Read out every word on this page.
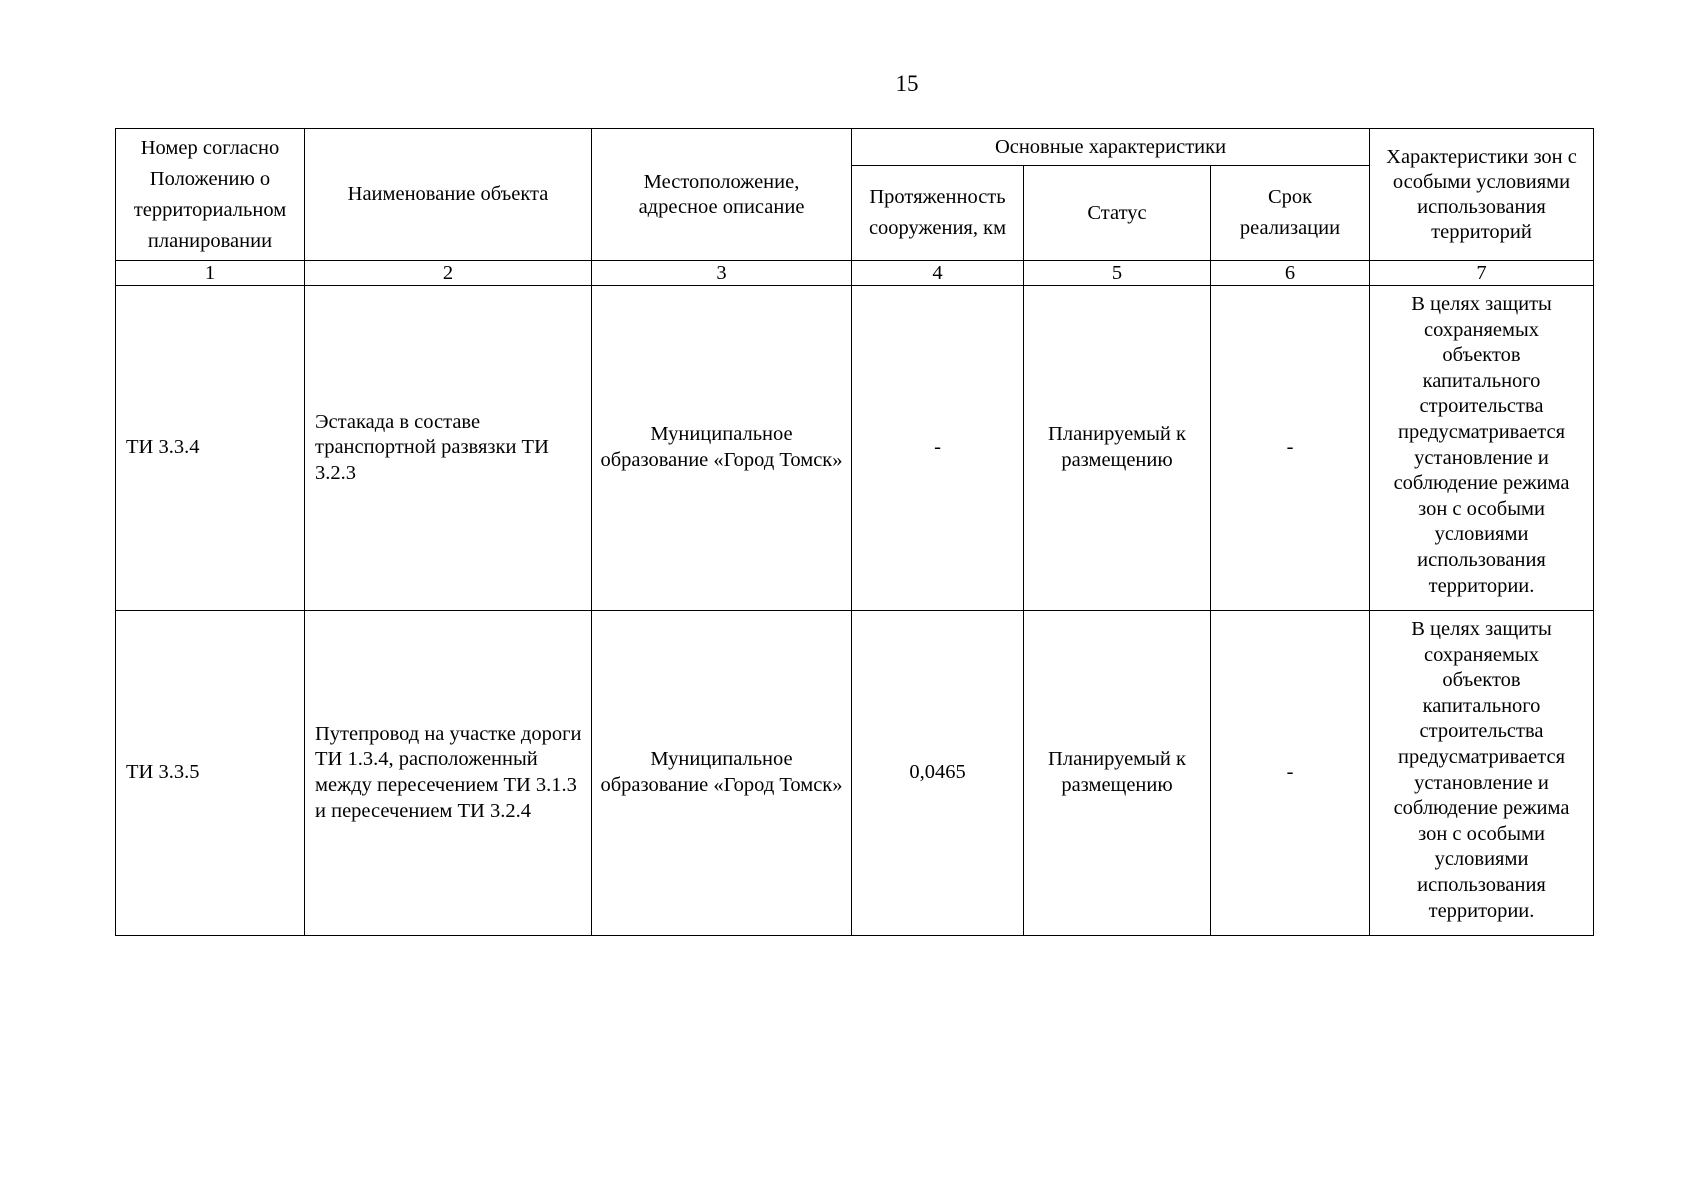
15
Номер согласно Положению о территориальном планировании	Наименование объекта	Местоположение, адресное описание	Основные характеристики			Характеристики зон с особыми условиями использования территорий
			Протяженность сооружения, км	Статус	Срок реализации	
1	2	3	4	5	6	7
ТИ 3.3.4	Эстакада в составе транспортной развязки ТИ 3.2.3	Муниципальное образование «Город Томск»	-	Планируемый к размещению	-	В целях защиты сохраняемых объектов капитального строительства предусматривается установление и соблюдение режима зон с особыми условиями использования территории.
ТИ 3.3.5	Путепровод на участке дороги ТИ 1.3.4, расположенный между пересечением ТИ 3.1.3 и пересечением ТИ 3.2.4	Муниципальное образование «Город Томск»	0,0465	Планируемый к размещению	-	В целях защиты сохраняемых объектов капитального строительства предусматривается установление и соблюдение режима зон с особыми условиями использования территории.
